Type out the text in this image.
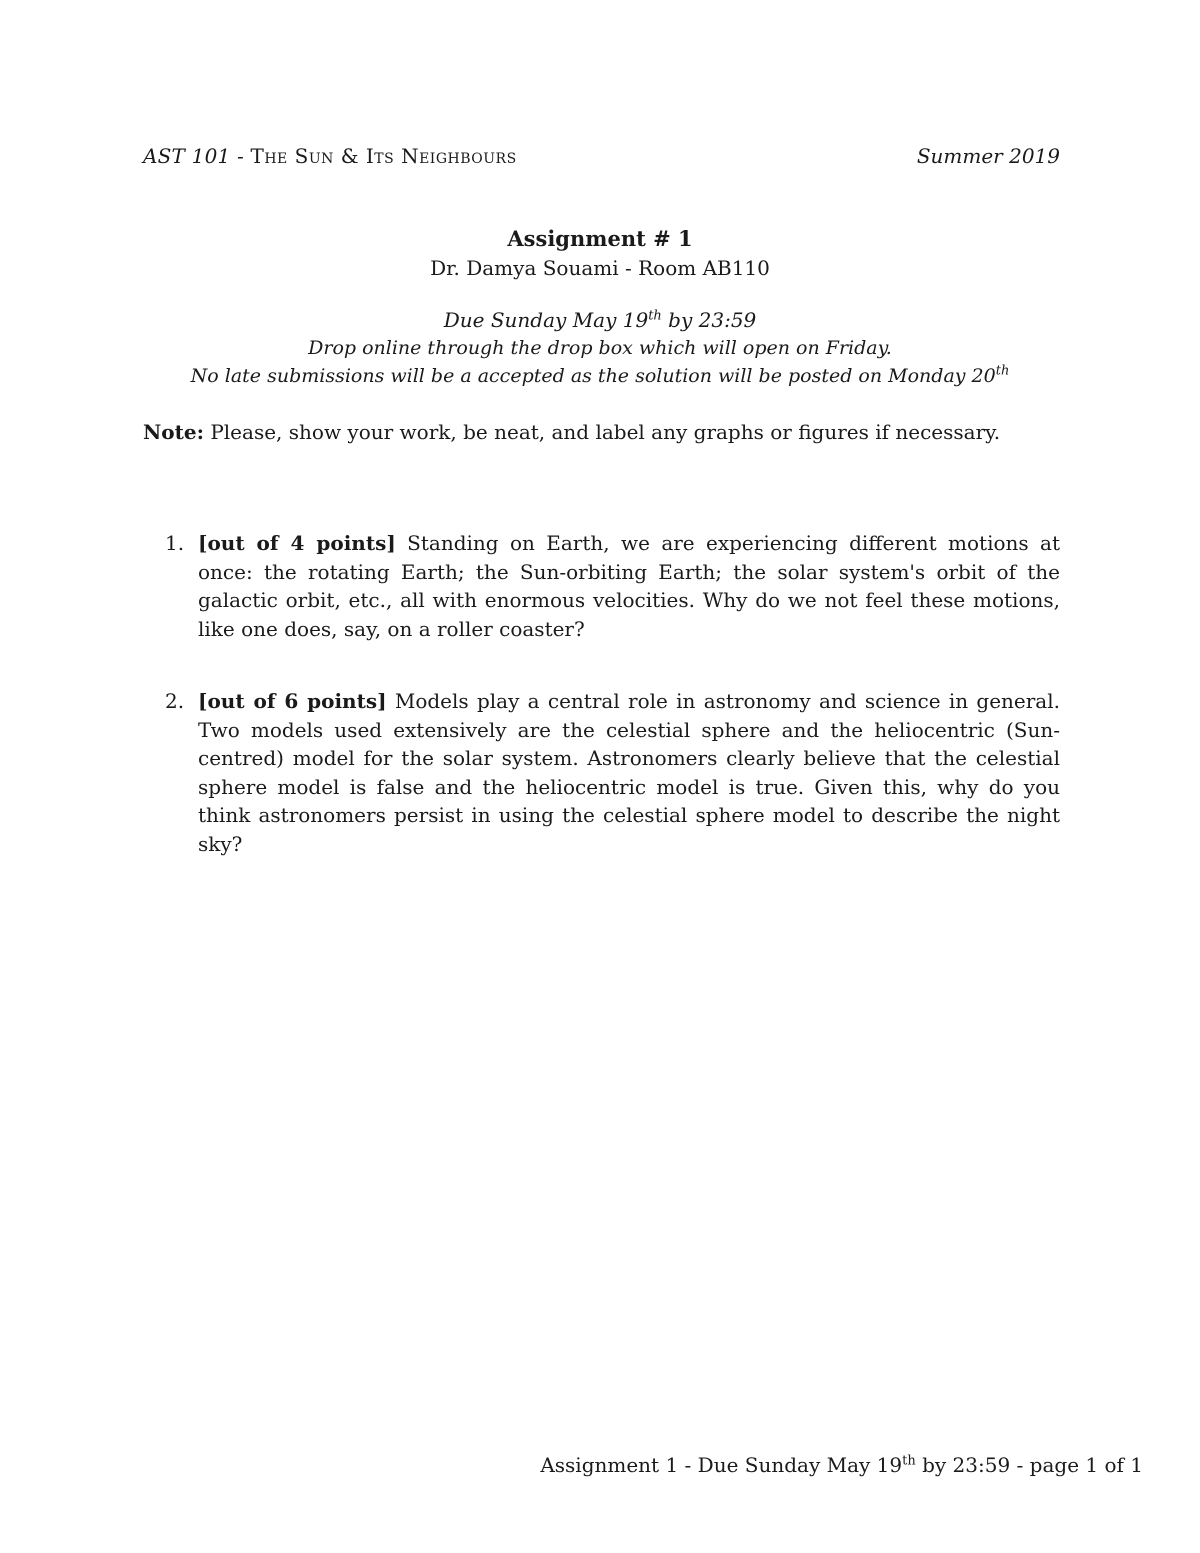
AST 101 - The Sun & Its Neighbours	Summer 2019
Assignment # 1
Dr. Damya Souami - Room AB110
Due Sunday May 19th by 23:59
Drop online through the drop box which will open on Friday.
No late submissions will be a accepted as the solution will be posted on Monday 20th
Note: Please, show your work, be neat, and label any graphs or figures if necessary.
1. [out of 4 points] Standing on Earth, we are experiencing different motions at once: the rotating Earth; the Sun-orbiting Earth; the solar system's orbit of the galactic orbit, etc., all with enormous velocities. Why do we not feel these motions, like one does, say, on a roller coaster?
2. [out of 6 points] Models play a central role in astronomy and science in general. Two models used extensively are the celestial sphere and the heliocentric (Sun-centred) model for the solar system. Astronomers clearly believe that the celestial sphere model is false and the heliocentric model is true. Given this, why do you think astronomers persist in using the celestial sphere model to describe the night sky?
Assignment 1 - Due Sunday May 19th by 23:59 - page 1 of 1
